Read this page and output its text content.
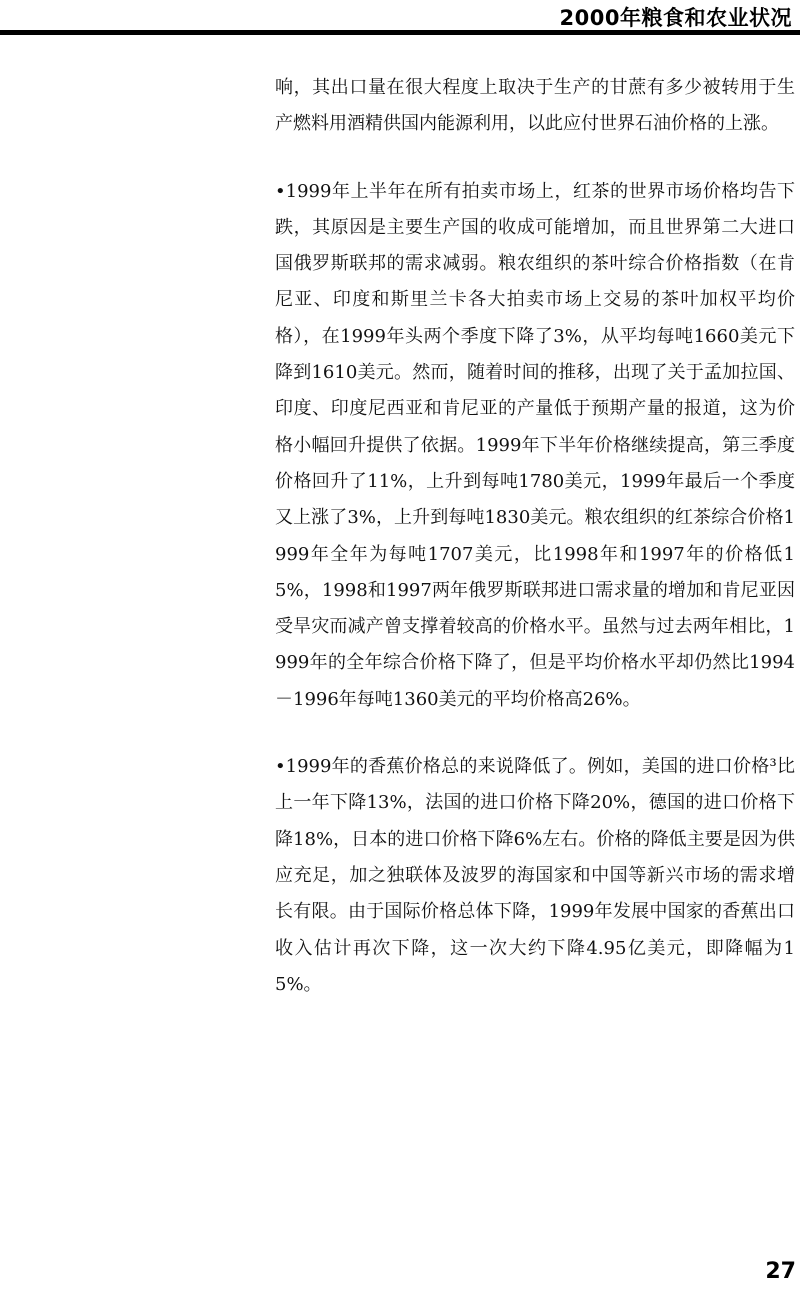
2000年粮食和农业状况

响，其出口量在很大程度上取决于生产的甘蔗有多少被转用于生产燃料用酒精供国内能源利用，以此应付世界石油价格的上涨。

•1999年上半年在所有拍卖市场上，红茶的世界市场价格均告下跌，其原因是主要生产国的收成可能增加，而且世界第二大进口国俄罗斯联邦的需求减弱。粮农组织的茶叶综合价格指数（在肯尼亚、印度和斯里兰卡各大拍卖市场上交易的茶叶加权平均价格），在1999年头两个季度下降了3%，从平均每吨1660美元下降到1610美元。然而，随着时间的推移，出现了关于孟加拉国、印度、印度尼西亚和肯尼亚的产量低于预期产量的报道，这为价格小幅回升提供了依据。1999年下半年价格继续提高，第三季度价格回升了11%，上升到每吨1780美元，1999年最后一个季度又上涨了3%，上升到每吨1830美元。粮农组织的红茶综合价格1999年全年为每吨1707美元，比1998年和1997年的价格低15%，1998和1997两年俄罗斯联邦进口需求量的增加和肯尼亚因受旱灾而减产曾支撑着较高的价格水平。虽然与过去两年相比，1999年的全年综合价格下降了，但是平均价格水平却仍然比1994－1996年每吨1360美元的平均价格高26%。

•1999年的香蕉价格总的来说降低了。例如，美国的进口价格³比上一年下降13%，法国的进口价格下降20%，德国的进口价格下降18%，日本的进口价格下降6%左右。价格的降低主要是因为供应充足，加之独联体及波罗的海国家和中国等新兴市场的需求增长有限。由于国际价格总体下降，1999年发展中国家的香蕉出口收入估计再次下降，这一次大约下降4.95亿美元，即降幅为15%。

27
